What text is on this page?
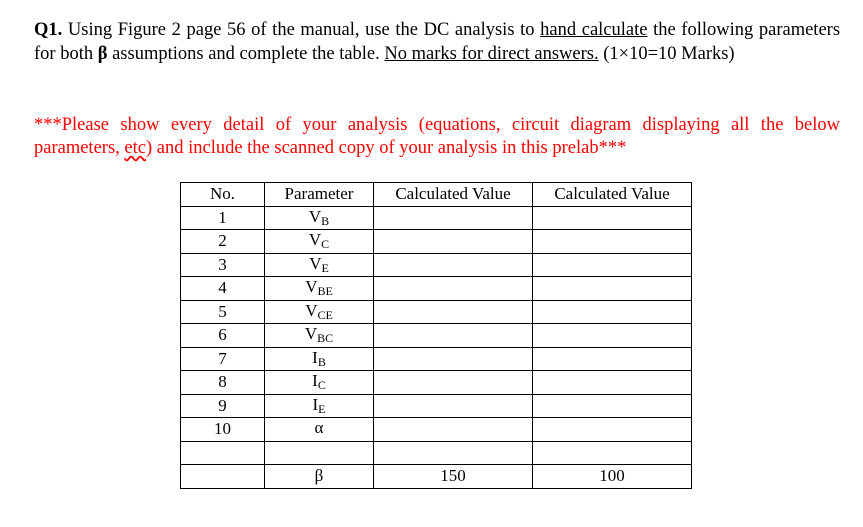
Q1. Using Figure 2 page 56 of the manual, use the DC analysis to hand calculate the following parameters for both β assumptions and complete the table. No marks for direct answers. (1×10=10 Marks)
***Please show every detail of your analysis (equations, circuit diagram displaying all the below parameters, etc) and include the scanned copy of your analysis in this prelab***
No.	Parameter	Calculated Value	Calculated Value
1	$V_B$		
2	$V_C$		
3	$V_E$		
4	$V_{BE}$		
5	$V_{CE}$		
6	$V_{BC}$		
7	$I_B$		
8	$I_C$		
9	$I_E$		
10	α		

	β	150	100
